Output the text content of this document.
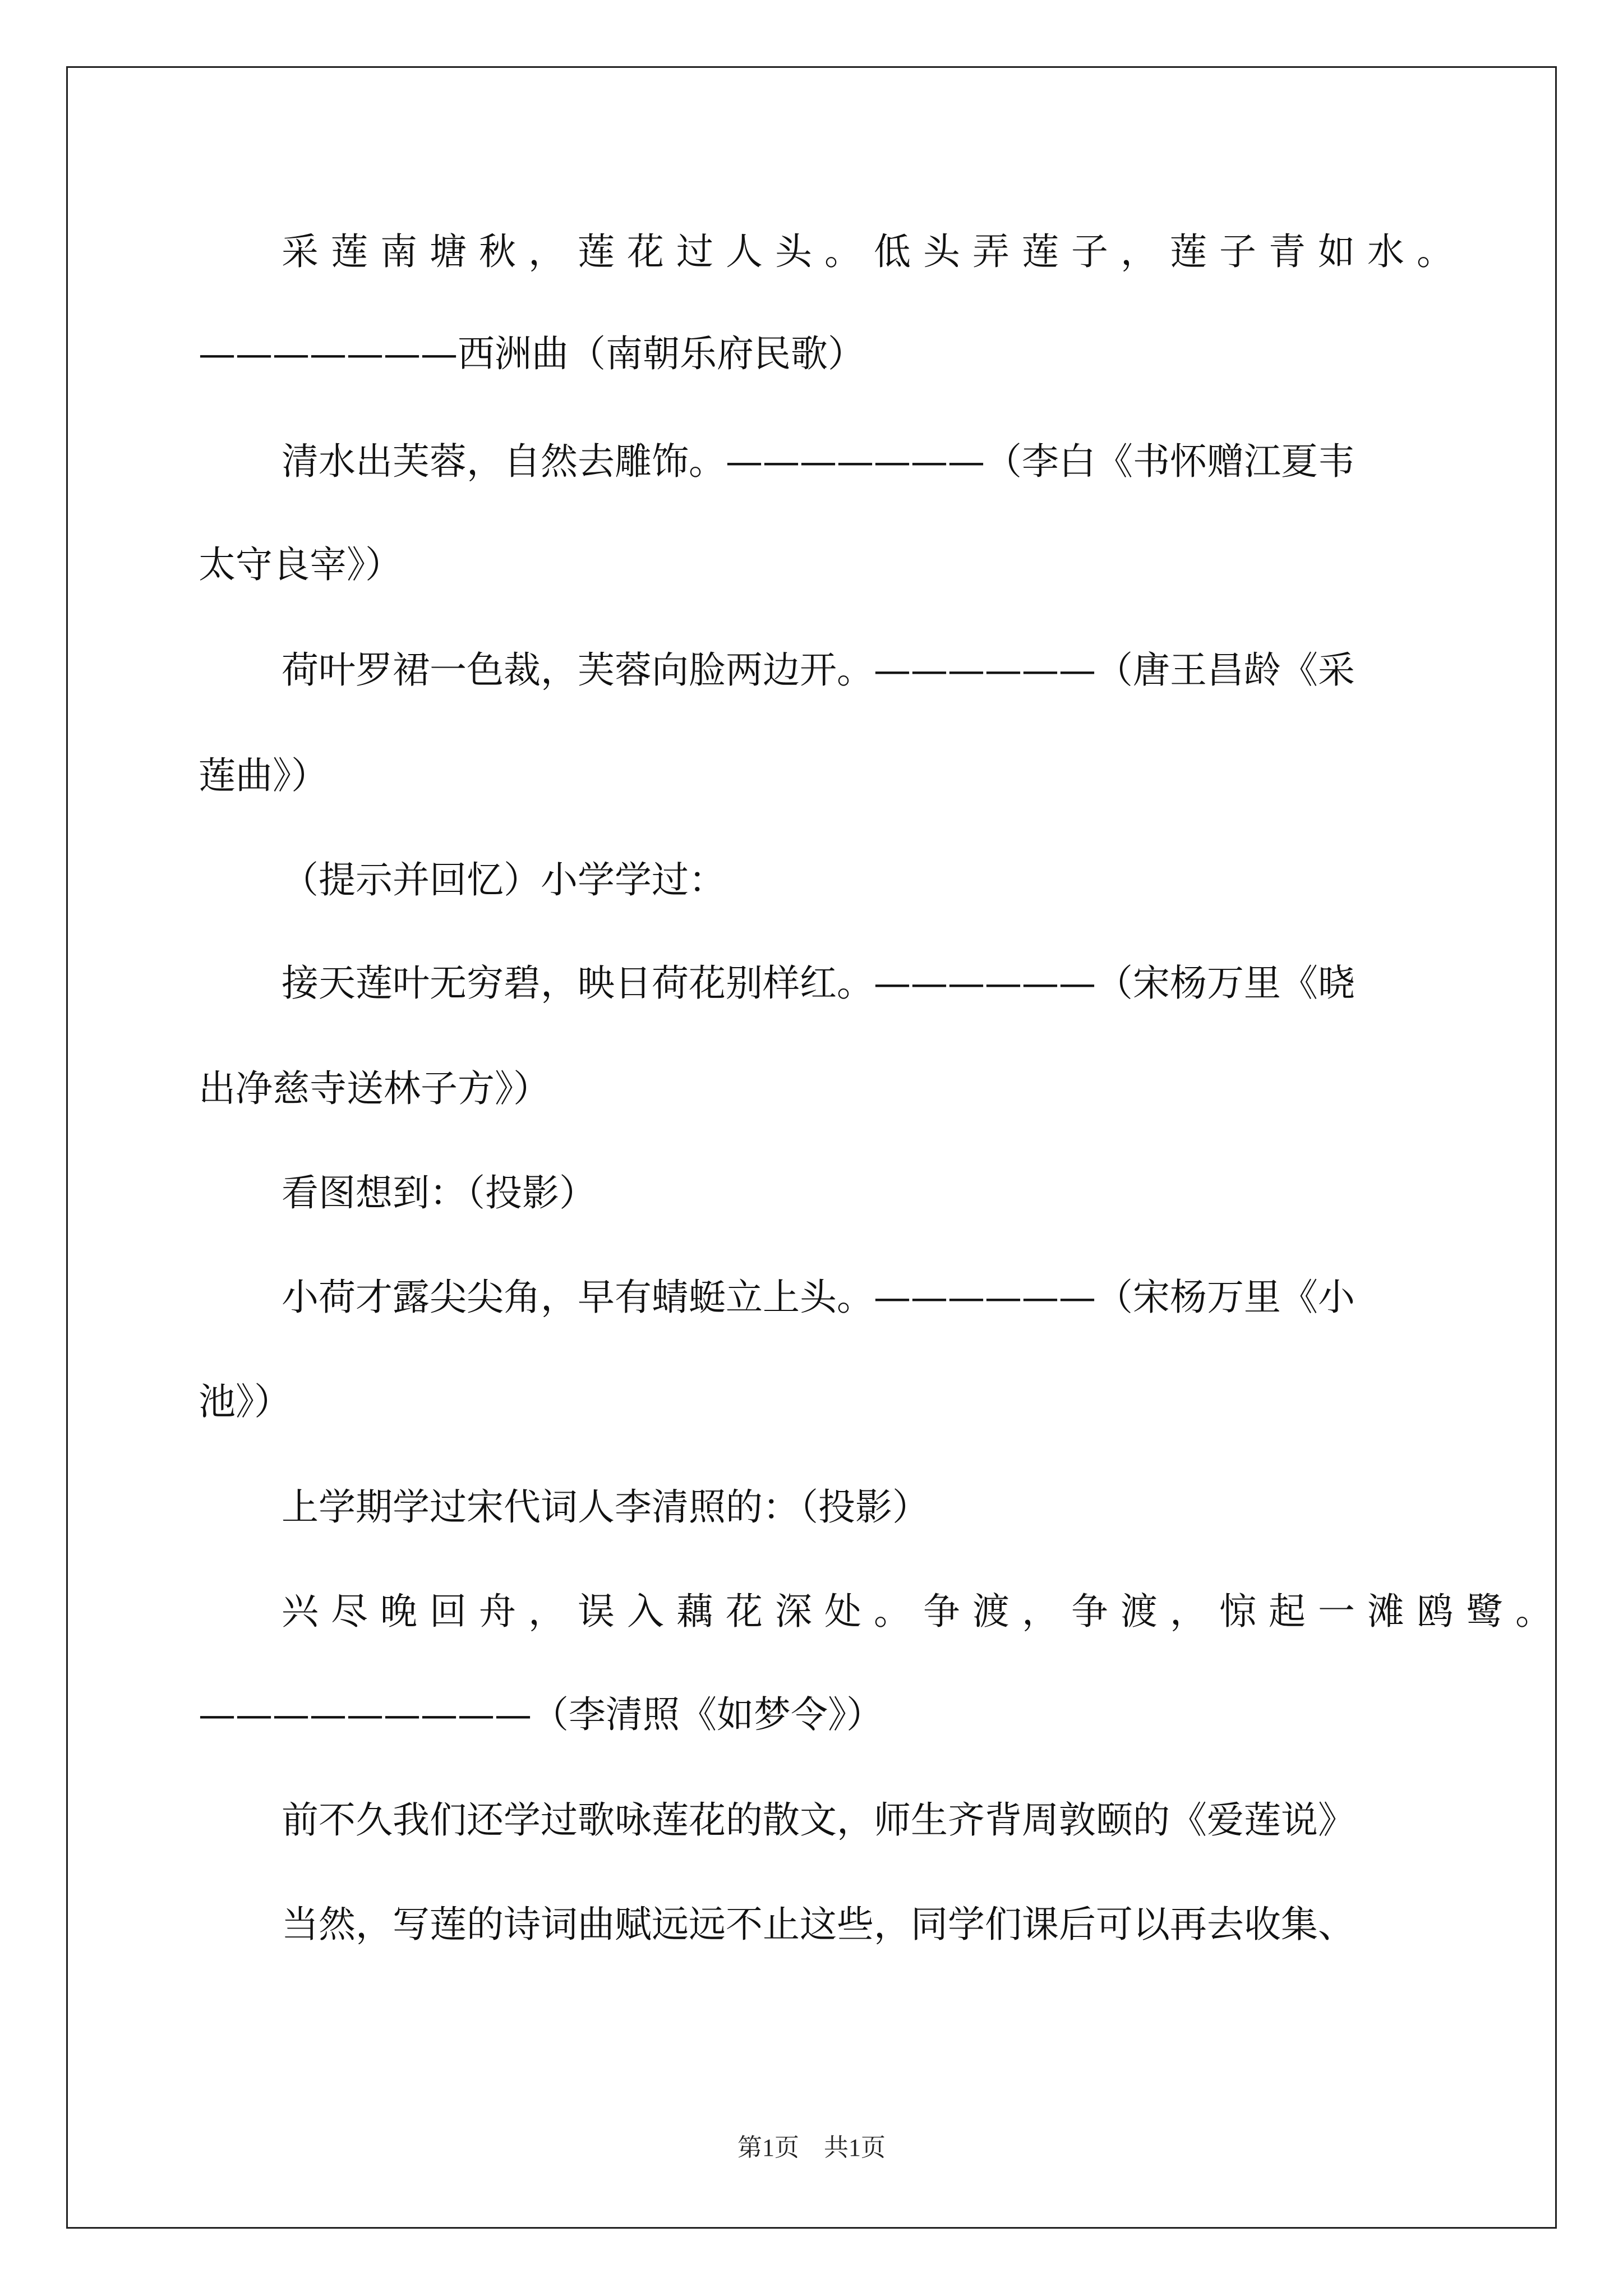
采莲南塘秋，莲花过人头。低头弄莲子，莲子青如水。
———————西洲曲（南朝乐府民歌）
清水出芙蓉，自然去雕饰。———————（李白《书怀赠江夏韦
太守良宰》）
荷叶罗裙一色裁，芙蓉向脸两边开。——————（唐王昌龄《采
莲曲》）
（提示并回忆）小学学过：
接天莲叶无穷碧，映日荷花别样红。——————（宋杨万里《晓
出净慈寺送林子方》）
看图想到：（投影）
小荷才露尖尖角，早有蜻蜓立上头。——————（宋杨万里《小
池》）
上学期学过宋代词人李清照的：（投影）
兴尽晚回舟，误入藕花深处。争渡，争渡，惊起一滩鸥鹭。
—————————（李清照《如梦令》）
前不久我们还学过歌咏莲花的散文，师生齐背周敦颐的《爱莲说》
当然，写莲的诗词曲赋远远不止这些，同学们课后可以再去收集、
第1页　共1页
